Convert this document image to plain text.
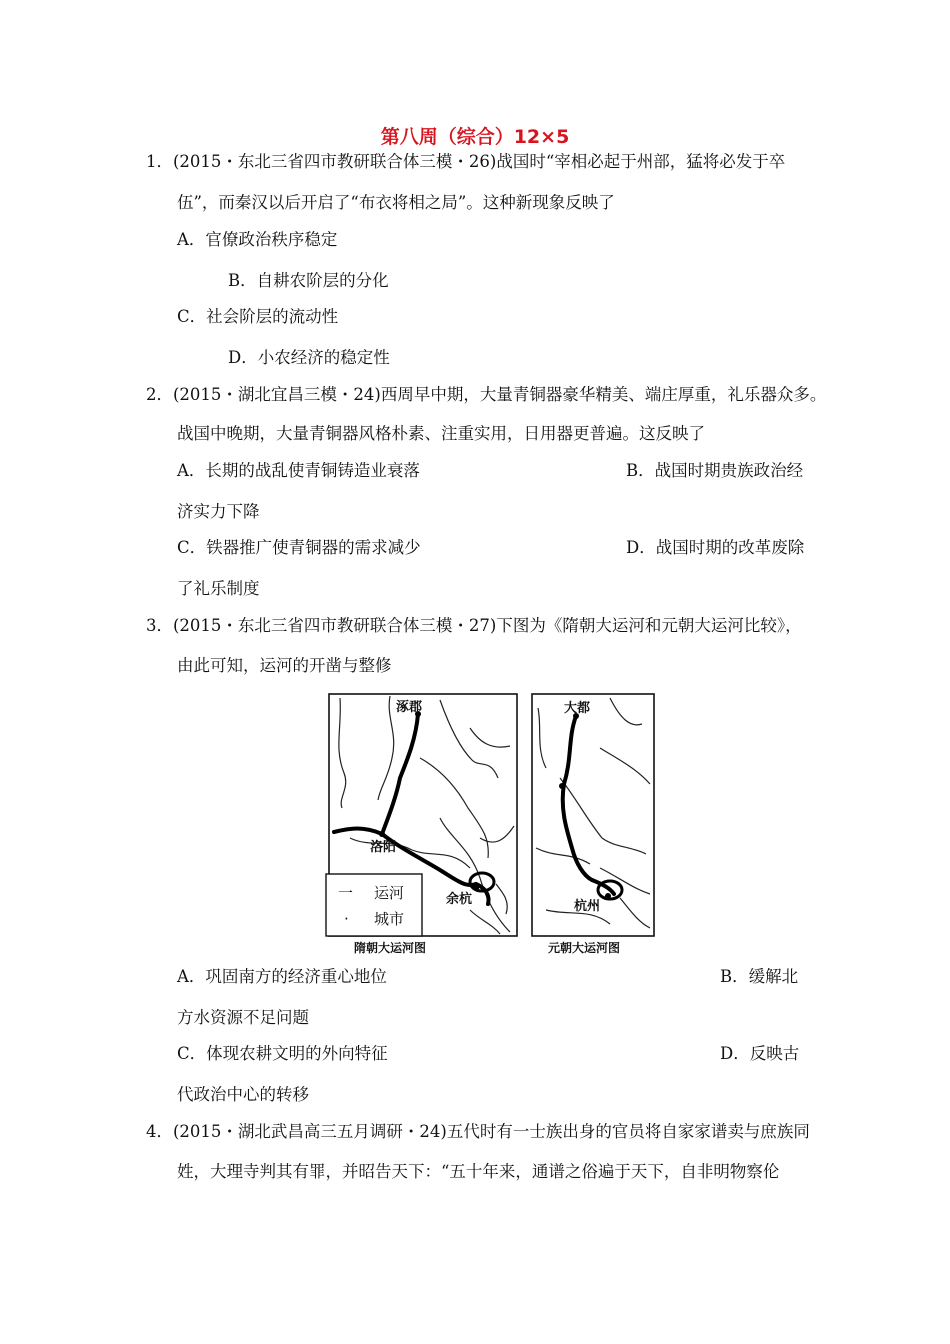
第八周（综合）12×5
1．(2015・东北三省四市教研联合体三模・26)战国时“宰相必起于州部，猛将必发于卒
伍”，而秦汉以后开启了“布衣将相之局”。这种新现象反映了
A．官僚政治秩序稳定
B．自耕农阶层的分化
C．社会阶层的流动性
D．小农经济的稳定性
2．(2015・湖北宜昌三模・24)西周早中期，大量青铜器豪华精美、端庄厚重，礼乐器众多。
战国中晚期，大量青铜器风格朴素、注重实用，日用器更普遍。这反映了
A．长期的战乱使青铜铸造业衰落	B．战国时期贵族政治经
济实力下降
C．铁器推广使青铜器的需求减少	D．战国时期的改革废除
了礼乐制度
3．(2015・东北三省四市教研联合体三模・27)下图为《隋朝大运河和元朝大运河比较》，
由此可知，运河的开凿与整修
涿郡
洛阳
余杭
一 运河
· 城市
隋朝大运河图
大都
杭州
元朝大运河图
A．巩固南方的经济重心地位	B．缓解北
方水资源不足问题
C．体现农耕文明的外向特征	D．反映古
代政治中心的转移
4．(2015・湖北武昌高三五月调研・24)五代时有一士族出身的官员将自家家谱卖与庶族同
姓，大理寺判其有罪，并昭告天下：“五十年来，通谱之俗遍于天下，自非明物察伦
